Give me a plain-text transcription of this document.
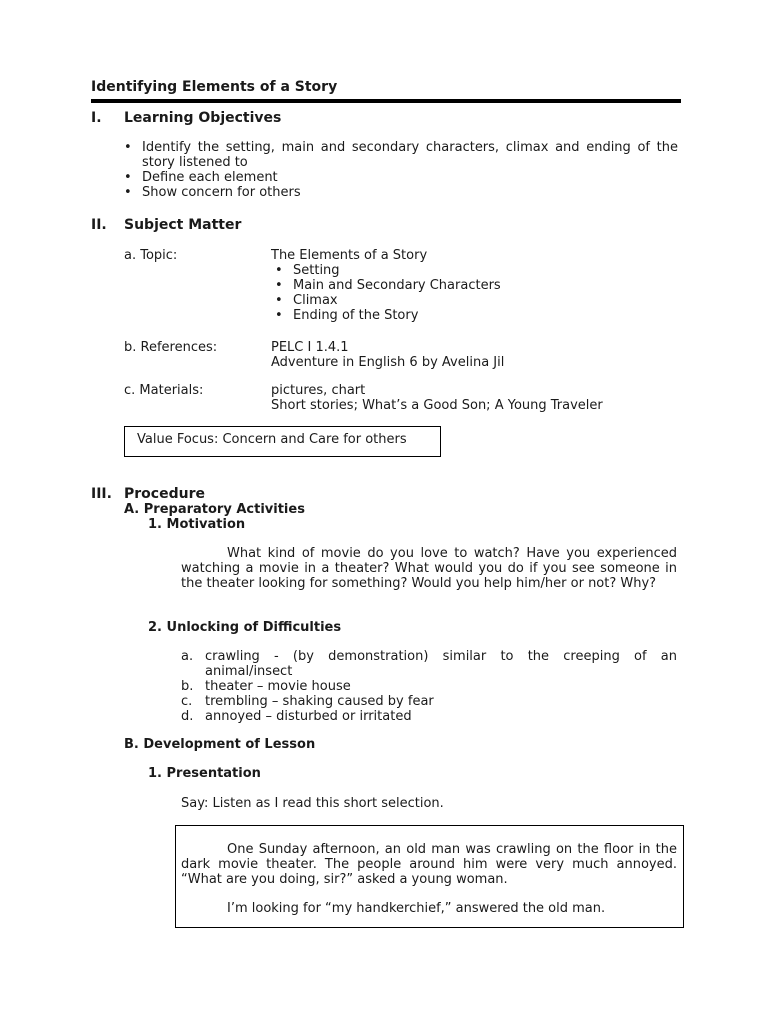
Identifying Elements of a Story
I. Learning Objectives
• Identify the setting, main and secondary characters, climax and ending of the story listened to
• Define each element
• Show concern for others
II. Subject Matter
a. Topic:	The Elements of a Story
• Setting
• Main and Secondary Characters
• Climax
• Ending of the Story
b. References:	PELC I 1.4.1
Adventure in English 6 by Avelina Jil
c. Materials:	pictures, chart
Short stories; What’s a Good Son; A Young Traveler
Value Focus: Concern and Care for others
III. Procedure
A. Preparatory Activities
1. Motivation
What kind of movie do you love to watch? Have you experienced watching a movie in a theater? What would you do if you see someone in the theater looking for something? Would you help him/her or not? Why?
2. Unlocking of Difficulties
a. crawling - (by demonstration) similar to the creeping of an animal/insect
b. theater – movie house
c. trembling – shaking caused by fear
d. annoyed – disturbed or irritated
B. Development of Lesson
1. Presentation
Say: Listen as I read this short selection.
One Sunday afternoon, an old man was crawling on the floor in the dark movie theater. The people around him were very much annoyed. “What are you doing, sir?” asked a young woman.
I’m looking for “my handkerchief,” answered the old man.
